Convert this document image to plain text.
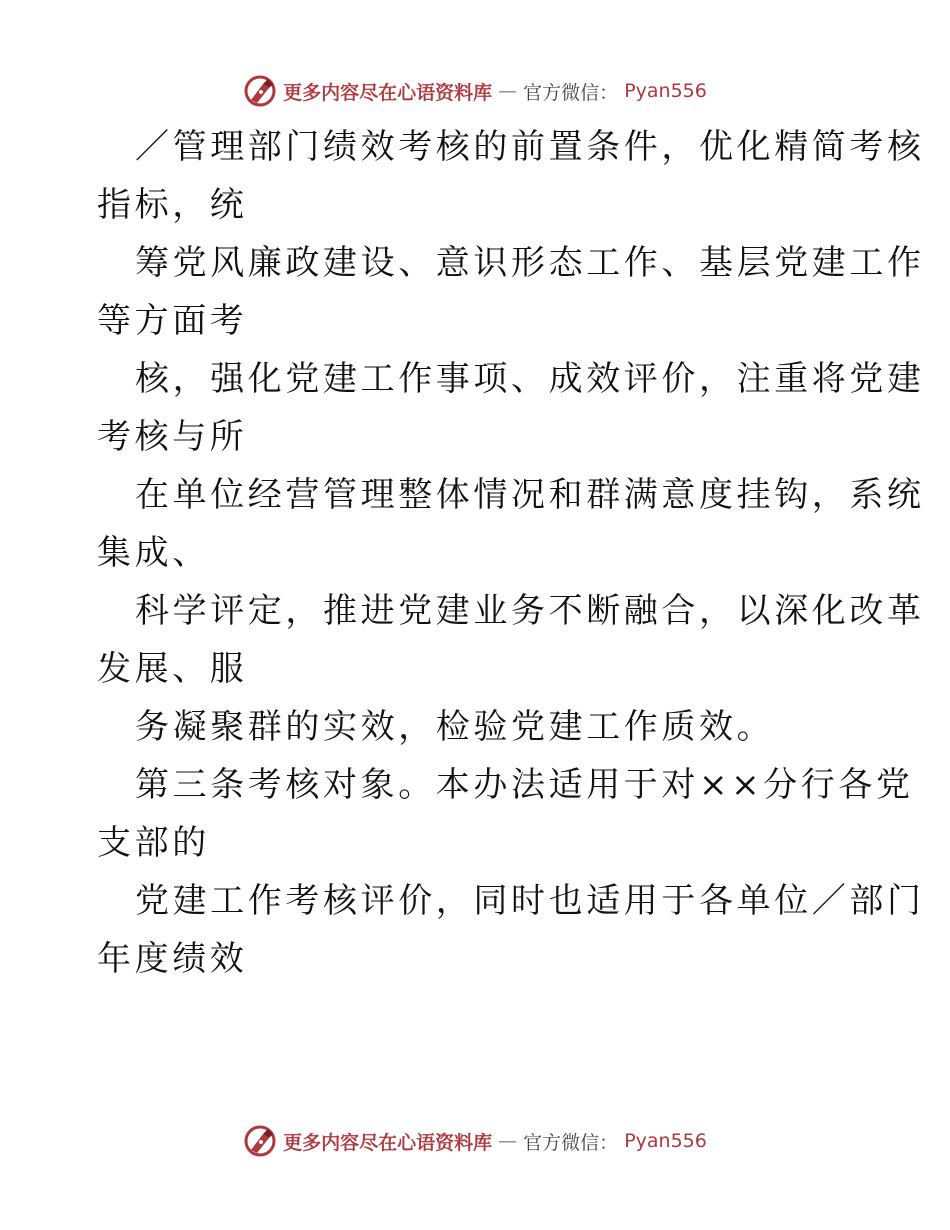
更多内容尽在心语资料库 — 官方微信： Pyan556
／管理部门绩效考核的前置条件，优化精简考核
指标，统
筹党风廉政建设、意识形态工作、基层党建工作
等方面考
核，强化党建工作事项、成效评价，注重将党建
考核与所
在单位经营管理整体情况和群满意度挂钩，系统
集成、
科学评定，推进党建业务不断融合，以深化改革
发展、服
务凝聚群的实效，检验党建工作质效。
第三条考核对象。本办法适用于对××分行各党
支部的
党建工作考核评价，同时也适用于各单位／部门
年度绩效
更多内容尽在心语资料库 — 官方微信： Pyan556
